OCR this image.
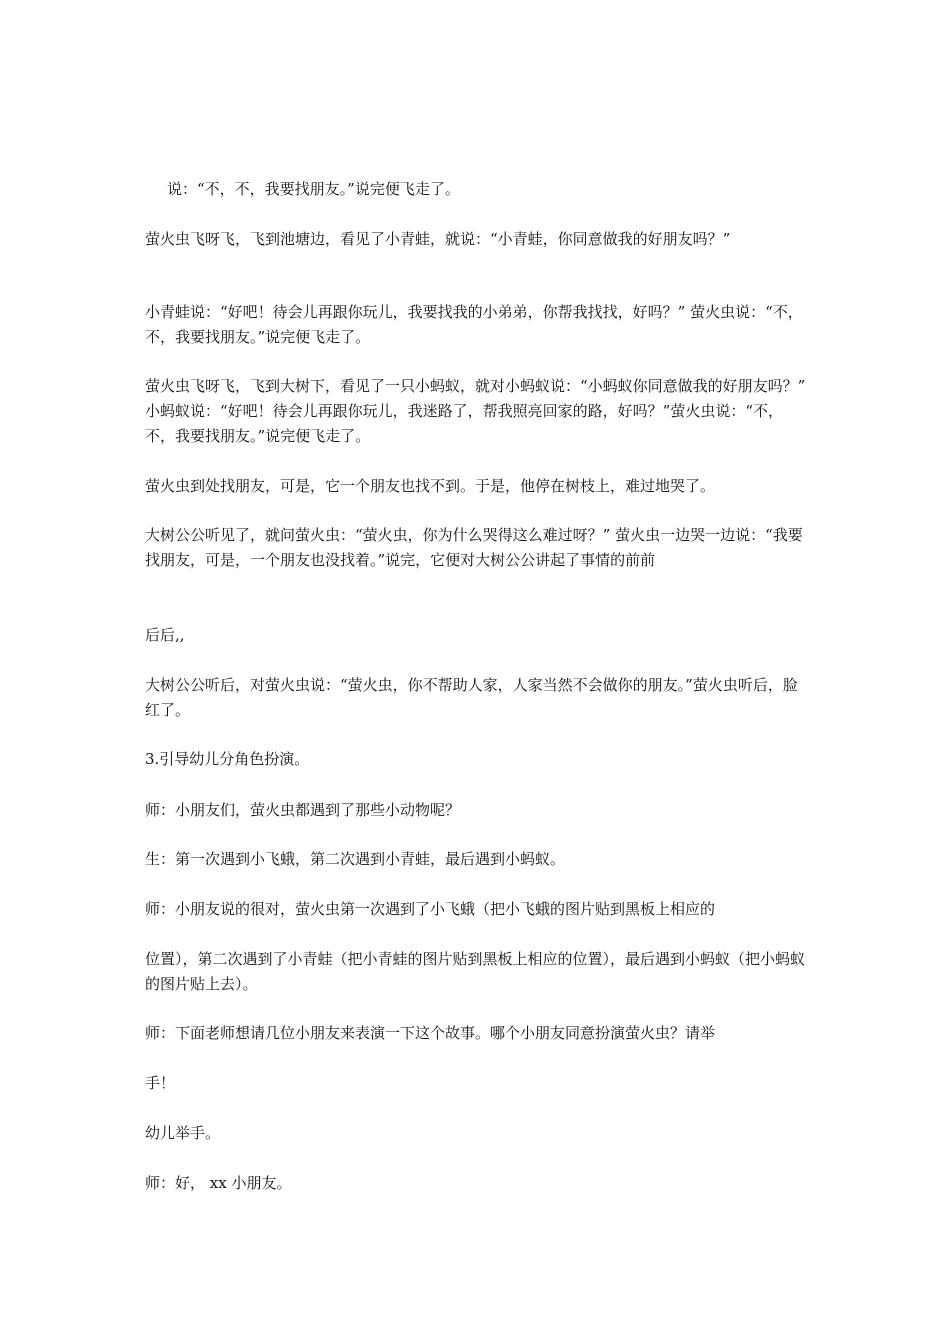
说：“不，不，我要找朋友。”说完便飞走了。

萤火虫飞呀飞，飞到池塘边，看见了小青蛙，就说：“小青蛙，你同意做我的好朋友吗？”

小青蛙说：“好吧！待会儿再跟你玩儿，我要找我的小弟弟，你帮我找找，好吗？” 萤火虫说：“不，不，我要找朋友。”说完便飞走了。

萤火虫飞呀飞，飞到大树下，看见了一只小蚂蚁，就对小蚂蚁说：“小蚂蚁你同意做我的好朋友吗？” 小蚂蚁说：“好吧！待会儿再跟你玩儿，我迷路了，帮我照亮回家的路，好吗？”萤火虫说：“不，不，我要找朋友。”说完便飞走了。

萤火虫到处找朋友，可是，它一个朋友也找不到。于是，他停在树枝上，难过地哭了。

大树公公听见了，就问萤火虫：“萤火虫，你为什么哭得这么难过呀？” 萤火虫一边哭一边说：“我要找朋友，可是，一个朋友也没找着。”说完，它便对大树公公讲起了事情的前前

后后,,

大树公公听后，对萤火虫说：“萤火虫，你不帮助人家，人家当然不会做你的朋友。”萤火虫听后，脸红了。

3.引导幼儿分角色扮演。

师：小朋友们，萤火虫都遇到了那些小动物呢？

生：第一次遇到小飞蛾，第二次遇到小青蛙，最后遇到小蚂蚁。

师：小朋友说的很对，萤火虫第一次遇到了小飞蛾（把小飞蛾的图片贴到黑板上相应的

位置），第二次遇到了小青蛙（把小青蛙的图片贴到黑板上相应的位置），最后遇到小蚂蚁（把小蚂蚁的图片贴上去）。

师：下面老师想请几位小朋友来表演一下这个故事。哪个小朋友同意扮演萤火虫？请举

手！

幼儿举手。

师：好， xx 小朋友。
